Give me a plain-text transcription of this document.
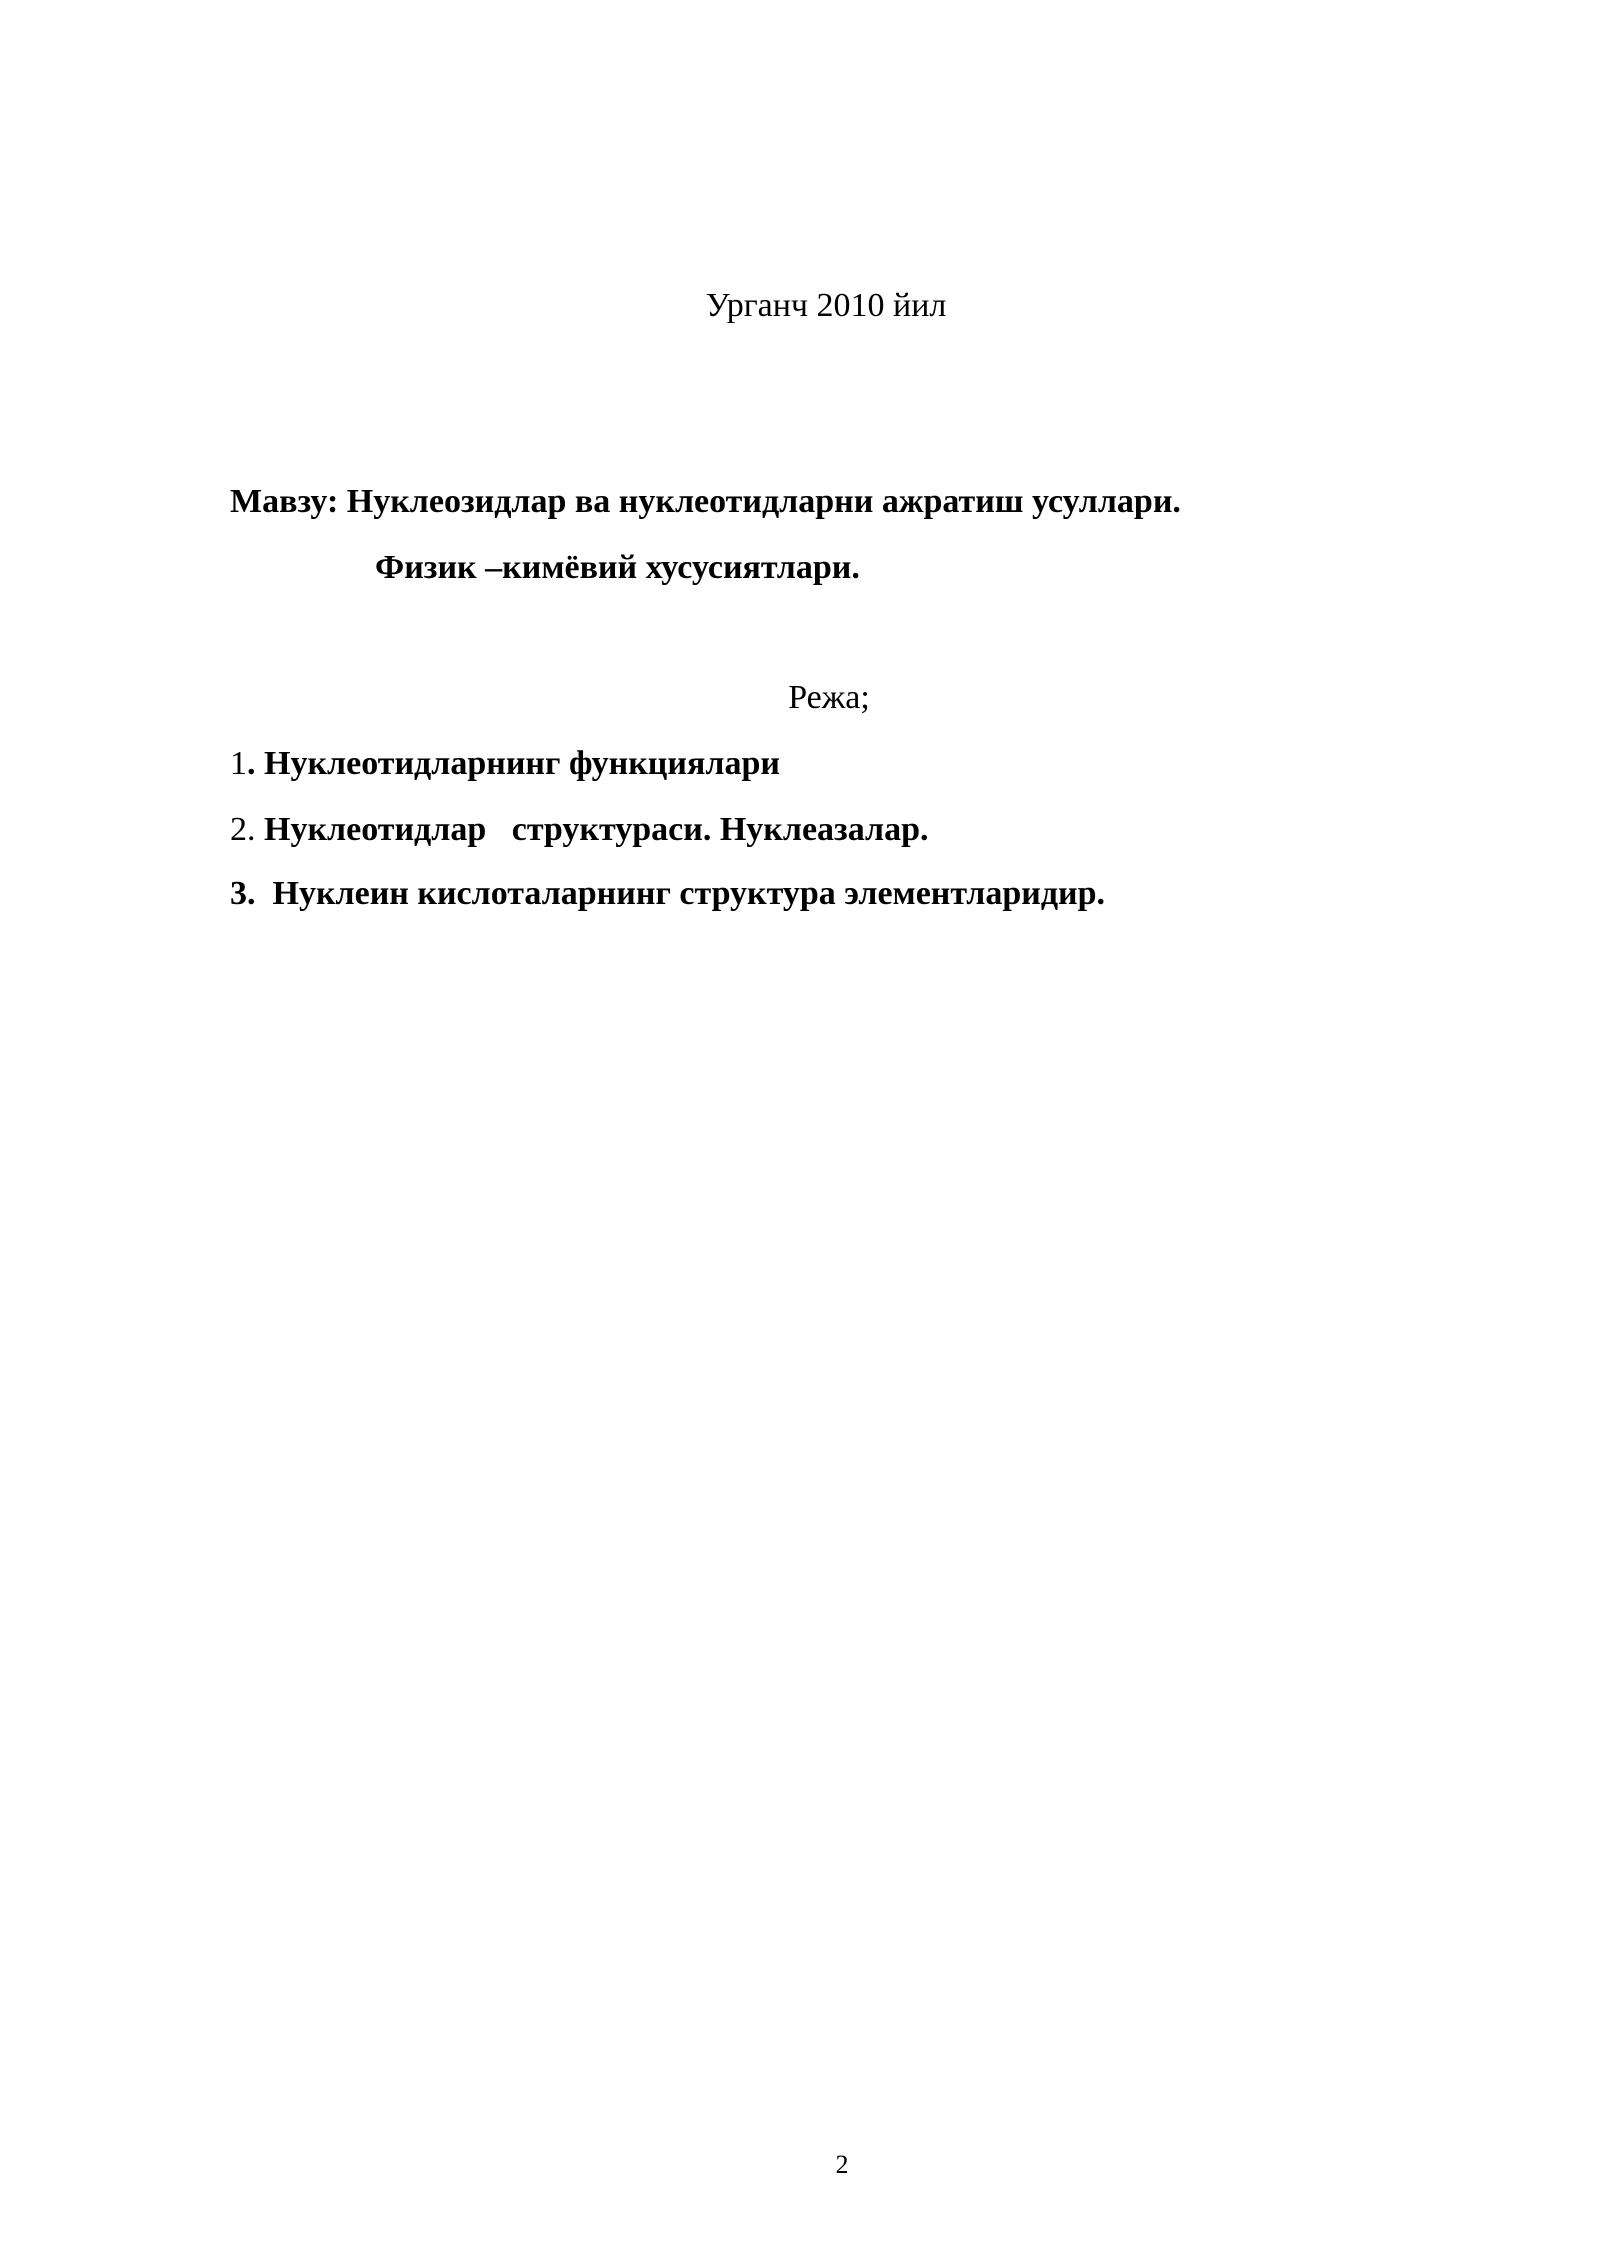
Урганч 2010 йил
Мавзу: Нуклеозидлар ва нуклеотидларни ажратиш усуллари.
Физик –кимёвий хусусиятлари.
Режа;
1. Нуклеотидларнинг функциялари
2. Нуклеотидлар   структураси. Нуклеазалар.
3.  Нуклеин кислоталарнинг структура элементларидир.
2
